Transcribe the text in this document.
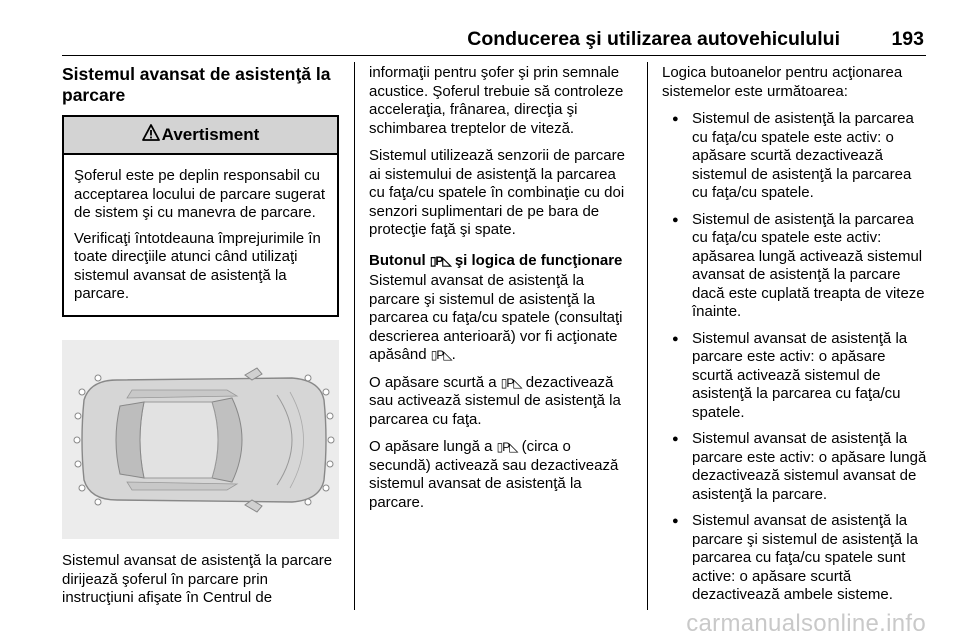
Conducerea şi utilizarea autovehiculului	193
Sistemul avansat de asistenţă la parcare
Avertisment

Şoferul este pe deplin responsabil cu acceptarea locului de parcare sugerat de sistem şi cu manevra de parcare.

Verificaţi întotdeauna împrejurimile în toate direcţiile atunci când utilizaţi sistemul avansat de asistenţă la parcare.

Sistemul avansat de asistenţă la parcare dirijează şoferul în parcare prin instrucţiuni afişate în Centrul de

informaţii pentru şofer şi prin semnale acustice. Şoferul trebuie să controleze acceleraţia, frânarea, direcţia şi schimbarea treptelor de viteză.

Sistemul utilizează senzorii de parcare ai sistemului de asistenţă la parcarea cu faţa/cu spatele în combinaţie cu doi senzori suplimentari de pe bara de protecţie faţă şi spate.

Butonul ▯P◺ şi logica de funcţionare

Sistemul avansat de asistenţă la parcare şi sistemul de asistenţă la parcarea cu faţa/cu spatele (consultaţi descrierea anterioară) vor fi acţionate apăsând ▯P◺.

O apăsare scurtă a ▯P◺ dezactivează sau activează sistemul de asistenţă la parcarea cu faţa.

O apăsare lungă a ▯P◺ (circa o secundă) activează sau dezactivează sistemul avansat de asistenţă la parcare.

Logica butoanelor pentru acţionarea sistemelor este următoarea:

● Sistemul de asistenţă la parcarea cu faţa/cu spatele este activ: o apăsare scurtă dezactivează sistemul de asistenţă la parcarea cu faţa/cu spatele.
● Sistemul de asistenţă la parcarea cu faţa/cu spatele este activ: apăsarea lungă activează sistemul avansat de asistenţă la parcare dacă este cuplată treapta de viteze înainte.
● Sistemul avansat de asistenţă la parcare este activ: o apăsare scurtă activează sistemul de asistenţă la parcarea cu faţa/cu spatele.
● Sistemul avansat de asistenţă la parcare este activ: o apăsare lungă dezactivează sistemul avansat de asistenţă la parcare.
● Sistemul avansat de asistenţă la parcare şi sistemul de asistenţă la parcarea cu faţa/cu spatele sunt active: o apăsare scurtă dezactivează ambele sisteme.
carmanualsonline.info
